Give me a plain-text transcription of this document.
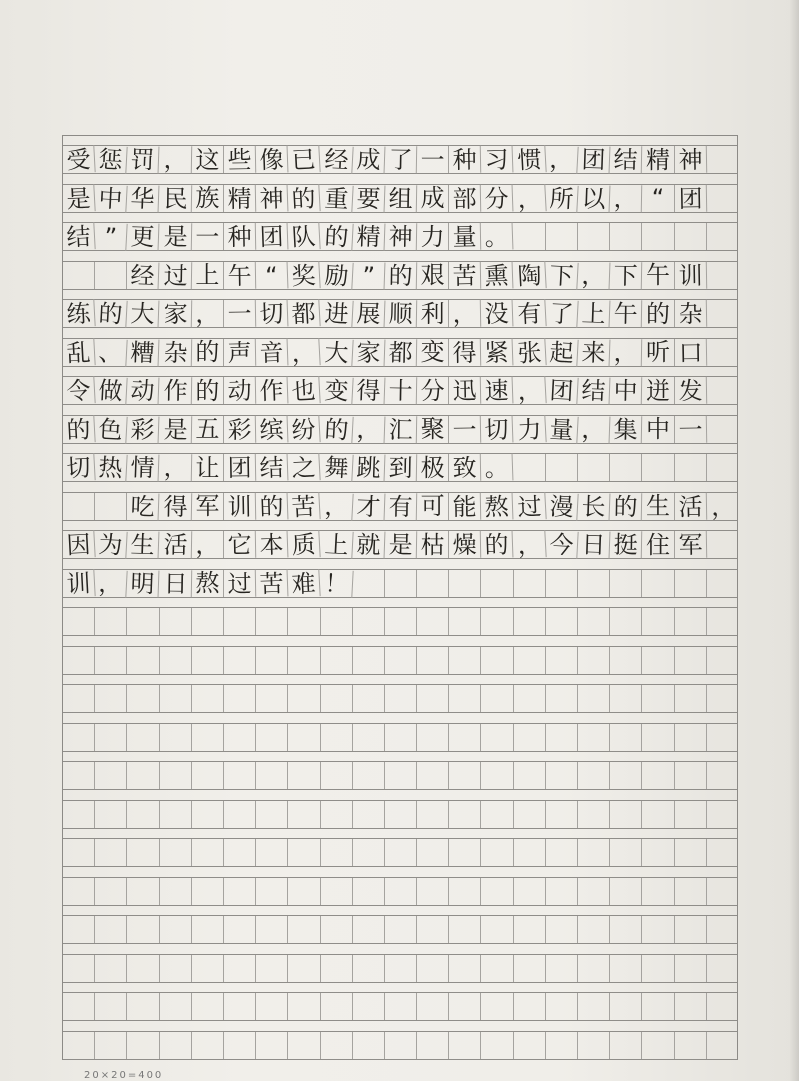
受 惩 罚 ， 这 些 像 已 经 成 了 一 种 习 惯 ， 团 结 精 神
是 中 华 民 族 精 神 的 重 要 组 成 部 分 ， 所 以 ， “ 团
结 ” 更 是 一 种 团 队 的 精 神 力 量 。
经 过 上 午 “ 奖 励 ” 的 艰 苦 熏 陶 下 ， 下 午 训
练 的 大 家 ， 一 切 都 进 展 顺 利 ， 没 有 了 上 午 的 杂
乱 、 糟 杂 的 声 音 ， 大 家 都 变 得 紧 张 起 来 ， 听 口
令 做 动 作 的 动 作 也 变 得 十 分 迅 速 ， 团 结 中 迸 发
的 色 彩 是 五 彩 缤 纷 的 ， 汇 聚 一 切 力 量 ， 集 中 一
切 热 情 ， 让 团 结 之 舞 跳 到 极 致 。
吃 得 军 训 的 苦 ， 才 有 可 能 熬 过 漫 长 的 生 活 ，
因 为 生 活 ， 它 本 质 上 就 是 枯 燥 的 ， 今 日 挺 住 军
训 ， 明 日 熬 过 苦 难 ！
20×20=400
